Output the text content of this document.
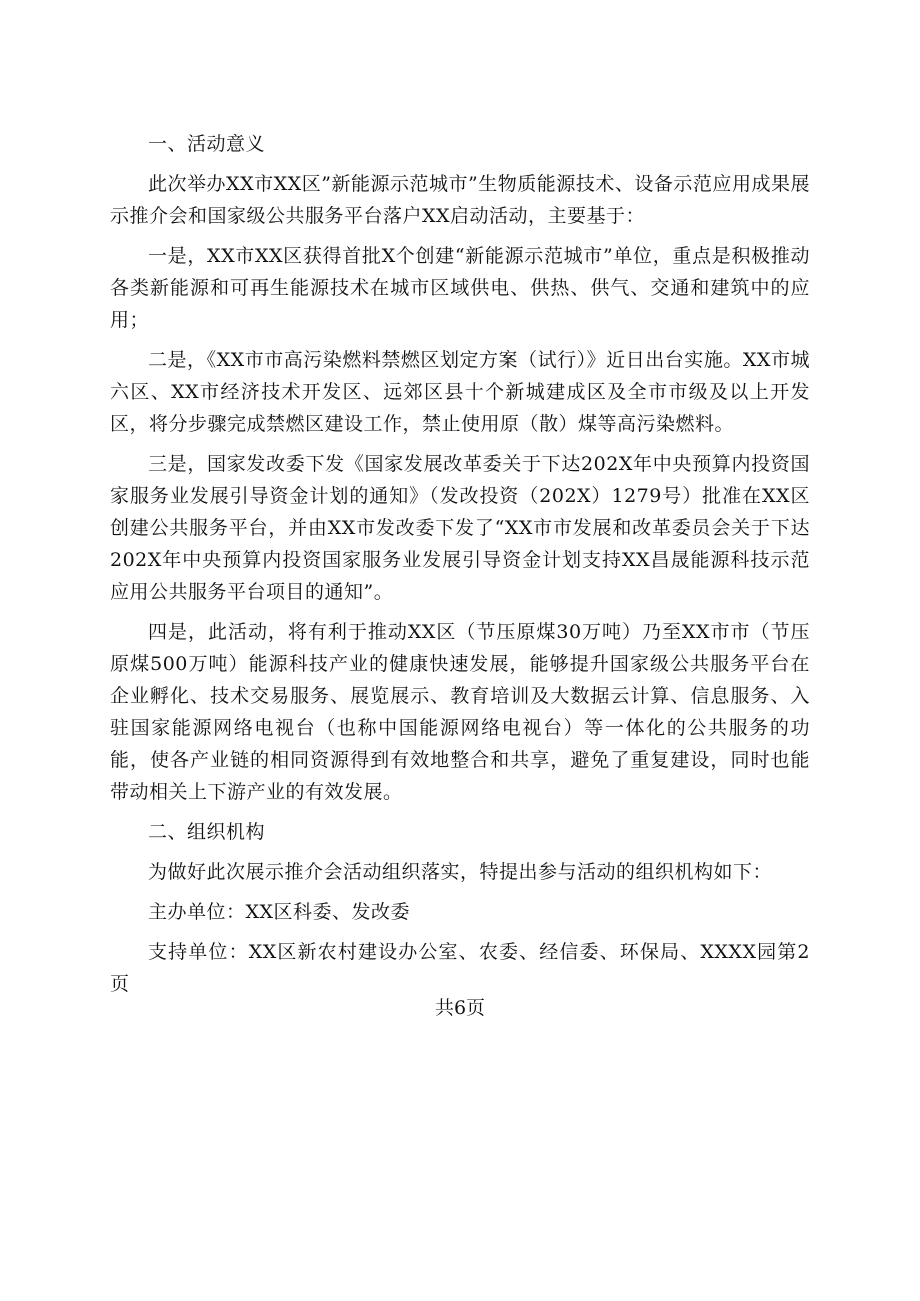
一、活动意义

此次举办XX市XX区”新能源示范城市”生物质能源技术、设备示范应用成果展示推介会和国家级公共服务平台落户XX启动活动，主要基于：

一是，XX市XX区获得首批X个创建“新能源示范城市”单位，重点是积极推动各类新能源和可再生能源技术在城市区域供电、供热、供气、交通和建筑中的应用；

二是，《XX市市高污染燃料禁燃区划定方案（试行）》近日出台实施。XX市城六区、XX市经济技术开发区、远郊区县十个新城建成区及全市市级及以上开发区，将分步骤完成禁燃区建设工作，禁止使用原（散）煤等高污染燃料。

三是，国家发改委下发《国家发展改革委关于下达202X年中央预算内投资国家服务业发展引导资金计划的通知》（发改投资（202X）1279号）批准在XX区创建公共服务平台，并由XX市发改委下发了“XX市市发展和改革委员会关于下达202X年中央预算内投资国家服务业发展引导资金计划支持XX昌晟能源科技示范应用公共服务平台项目的通知”。

四是，此活动，将有利于推动XX区（节压原煤30万吨）乃至XX市市（节压原煤500万吨）能源科技产业的健康快速发展，能够提升国家级公共服务平台在企业孵化、技术交易服务、展览展示、教育培训及大数据云计算、信息服务、入驻国家能源网络电视台（也称中国能源网络电视台）等一体化的公共服务的功能，使各产业链的相同资源得到有效地整合和共享，避免了重复建设，同时也能带动相关上下游产业的有效发展。

二、组织机构

为做好此次展示推介会活动组织落实，特提出参与活动的组织机构如下：

主办单位：XX区科委、发改委

支持单位：XX区新农村建设办公室、农委、经信委、环保局、XXXX园第2页

共6页
